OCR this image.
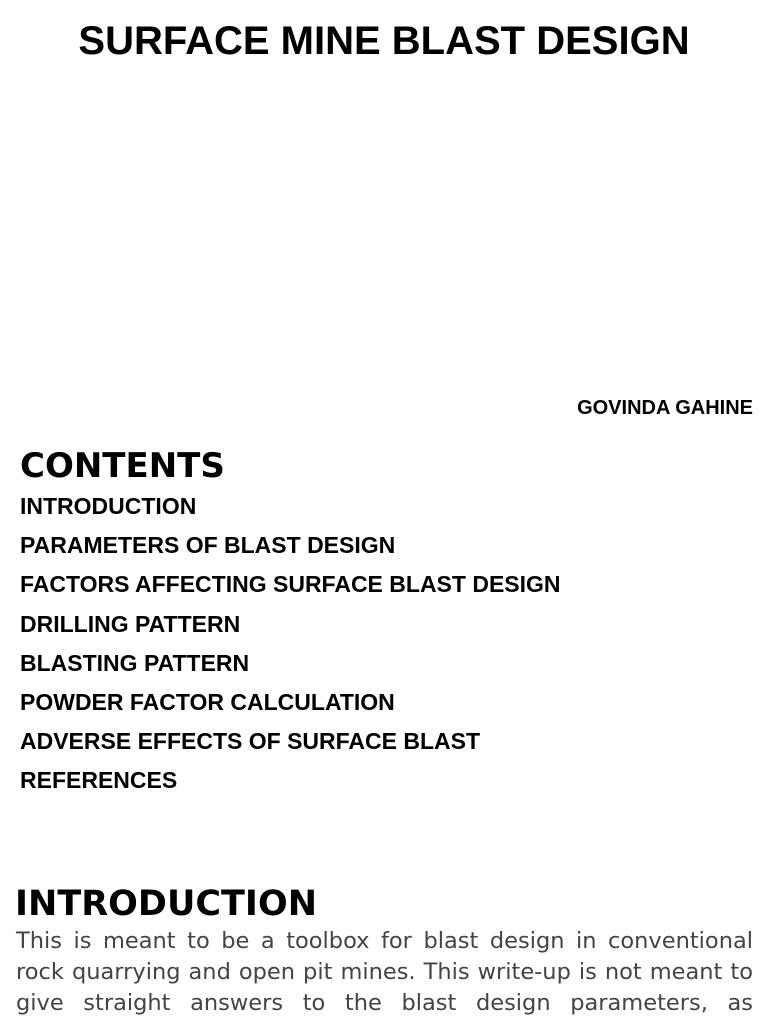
SURFACE MINE BLAST DESIGN
GOVINDA GAHINE
CONTENTS
INTRODUCTION
PARAMETERS OF BLAST DESIGN
FACTORS AFFECTING SURFACE BLAST DESIGN
DRILLING PATTERN
BLASTING PATTERN
POWDER FACTOR CALCULATION
ADVERSE EFFECTS OF SURFACE BLAST
REFERENCES
INTRODUCTION

This is meant to be a toolbox for blast design in conventional rock quarrying and open pit mines. This write-up is not meant to give straight answers to the blast design parameters, as
